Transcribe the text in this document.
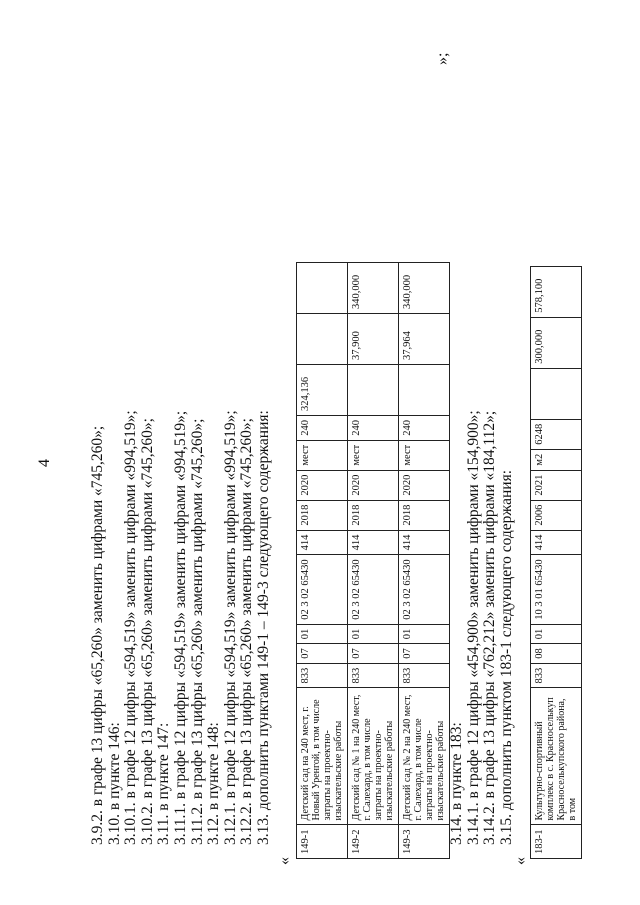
4 3.9.2. в графе 13 цифры «65,260» заменить цифрами «745,260»; 3.10. в пункте 146: 3.10.1. в графе 12 цифры «594,519» заменить цифрами «994,519»; 3.10.2. в графе 13 цифры «65,260» заменить цифрами «745,260»; 3.11. в пункте 147: 3.11.1. в графе 12 цифры «594,519» заменить цифрами «994,519»; 3.11.2. в графе 13 цифры «65,260» заменить цифрами «745,260»; 3.12. в пункте 148: 3.12.1. в графе 12 цифры «594,519» заменить цифрами «994,519»; 3.12.2. в графе 13 цифры «65,260» заменить цифрами «745,260»; 3.13. дополнить пунктами 149-1 – 149-3 следующего содержания:
«
149-1	Детский сад на 240 мест, г. Новый Уренгой, в том числе затраты на проектно-изыскательские работы	833	07	01	02 3 02 65430	414	2018	2020	мест	240	324,136		
149-2	Детский сад № 1 на 240 мест, г. Салехард, в том числе затраты на проектно-изыскательские работы	833	07	01	02 3 02 65430	414	2018	2020	мест	240		37,900	340,000
149-3	Детский сад № 2 на 240 мест, г. Салехард, в том числе затраты на проектно-изыскательские работы	833	07	01	02 3 02 65430	414	2018	2020	мест	240		37,964	340,000
»;
3.14. в пункте 183: 3.14.1. в графе 12 цифры «454,900» заменить цифрами «154,900»; 3.14.2. в графе 13 цифры «762,212» заменить цифрами «184,112»; 3.15. дополнить пунктом 183-1 следующего содержания:
«
183-1	Культурно-спортивный комплекс в с. Красноселькуп Красноселькупского района, в том	833	08	01	10 3 01 65430	414	2006	2021	м2	6248		300,000	578,100
